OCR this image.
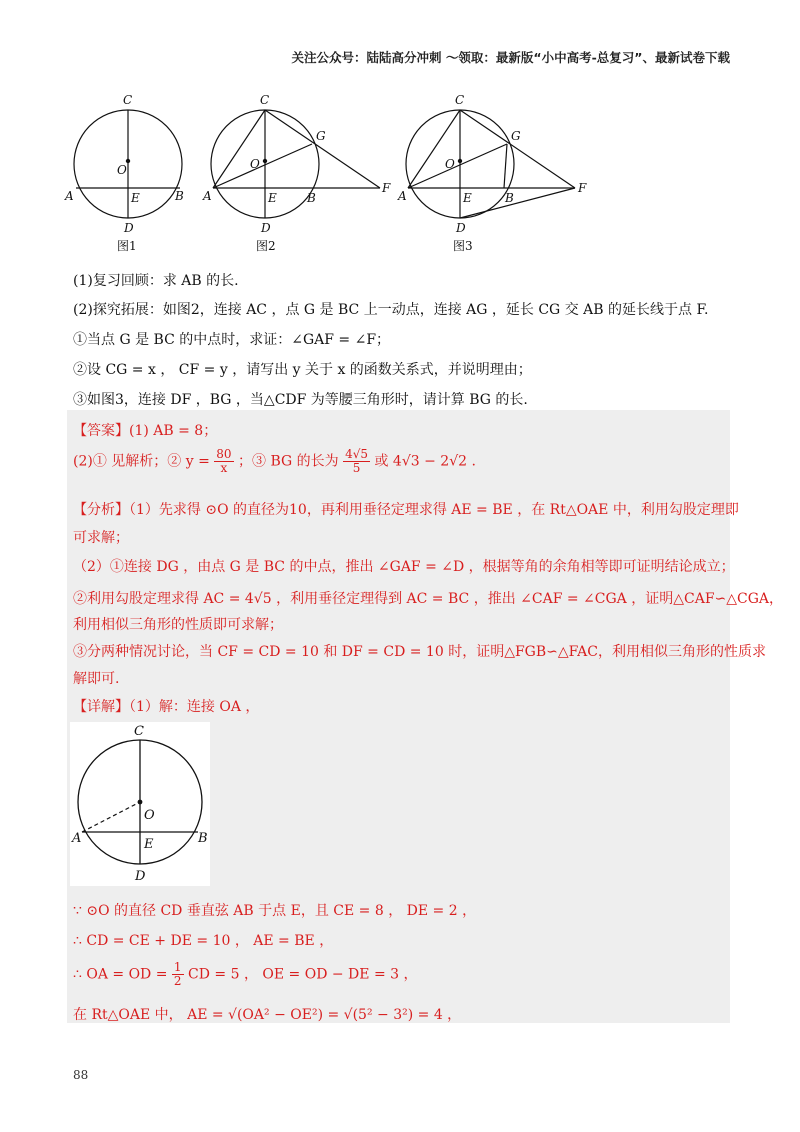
关注公众号：陆陆高分冲刺 ～领取：最新版“小中高考-总复习”、最新试卷下载
C
O
A	E	B
D
图1
C
O
G
A	E	B
F
D
图2
C
O
G
A	E	B
F
D
图3
(1)复习回顾：求 AB 的长.
(2)探究拓展：如图2，连接 AC ，点 G 是 BC 上一动点，连接 AG ，延长 CG 交 AB 的延长线于点 F.
①当点 G 是 BC 的中点时，求证：∠GAF = ∠F；
②设 CG = x ， CF = y ，请写出 y 关于 x 的函数关系式，并说明理由；
③如图3，连接 DF ，BG ，当△CDF 为等腰三角形时，请计算 BG 的长.
【答案】(1) AB = 8；
(2)① 见解析；② $y = \frac{80}{x}$ ；③ BG 的长为 $\frac{4√5}{5}$ 或 4√3 − 2√2 .
【分析】（1）先求得 ⊙O 的直径为10，再利用垂径定理求得 AE = BE ，在 Rt△OAE 中，利用勾股定理即
可求解；
（2）①连接 DG ，由点 G 是 BC 的中点，推出 ∠GAF = ∠D ，根据等角的余角相等即可证明结论成立；
②利用勾股定理求得 AC = 4√5 ，利用垂径定理得到 AC = BC ，推出 ∠CAF = ∠CGA ，证明△CAF∽△CGA，
利用相似三角形的性质即可求解；
③分两种情况讨论，当 CF = CD = 10 和 DF = CD = 10 时，证明△FGB∽△FAC，利用相似三角形的性质求
解即可.
【详解】（1）解：连接 OA ，
C
O
A	E	B
D
∵ ⊙O 的直径 CD 垂直弦 AB 于点 E，且 CE = 8 ， DE = 2 ，
∴ CD = CE + DE = 10 ， AE = BE ，
∴ OA = OD = $\frac{1}{2}$ CD = 5 ， OE = OD − DE = 3 ，
在 Rt△OAE 中， AE = √(OA² − OE²) = √(5² − 3²) = 4 ，
88
